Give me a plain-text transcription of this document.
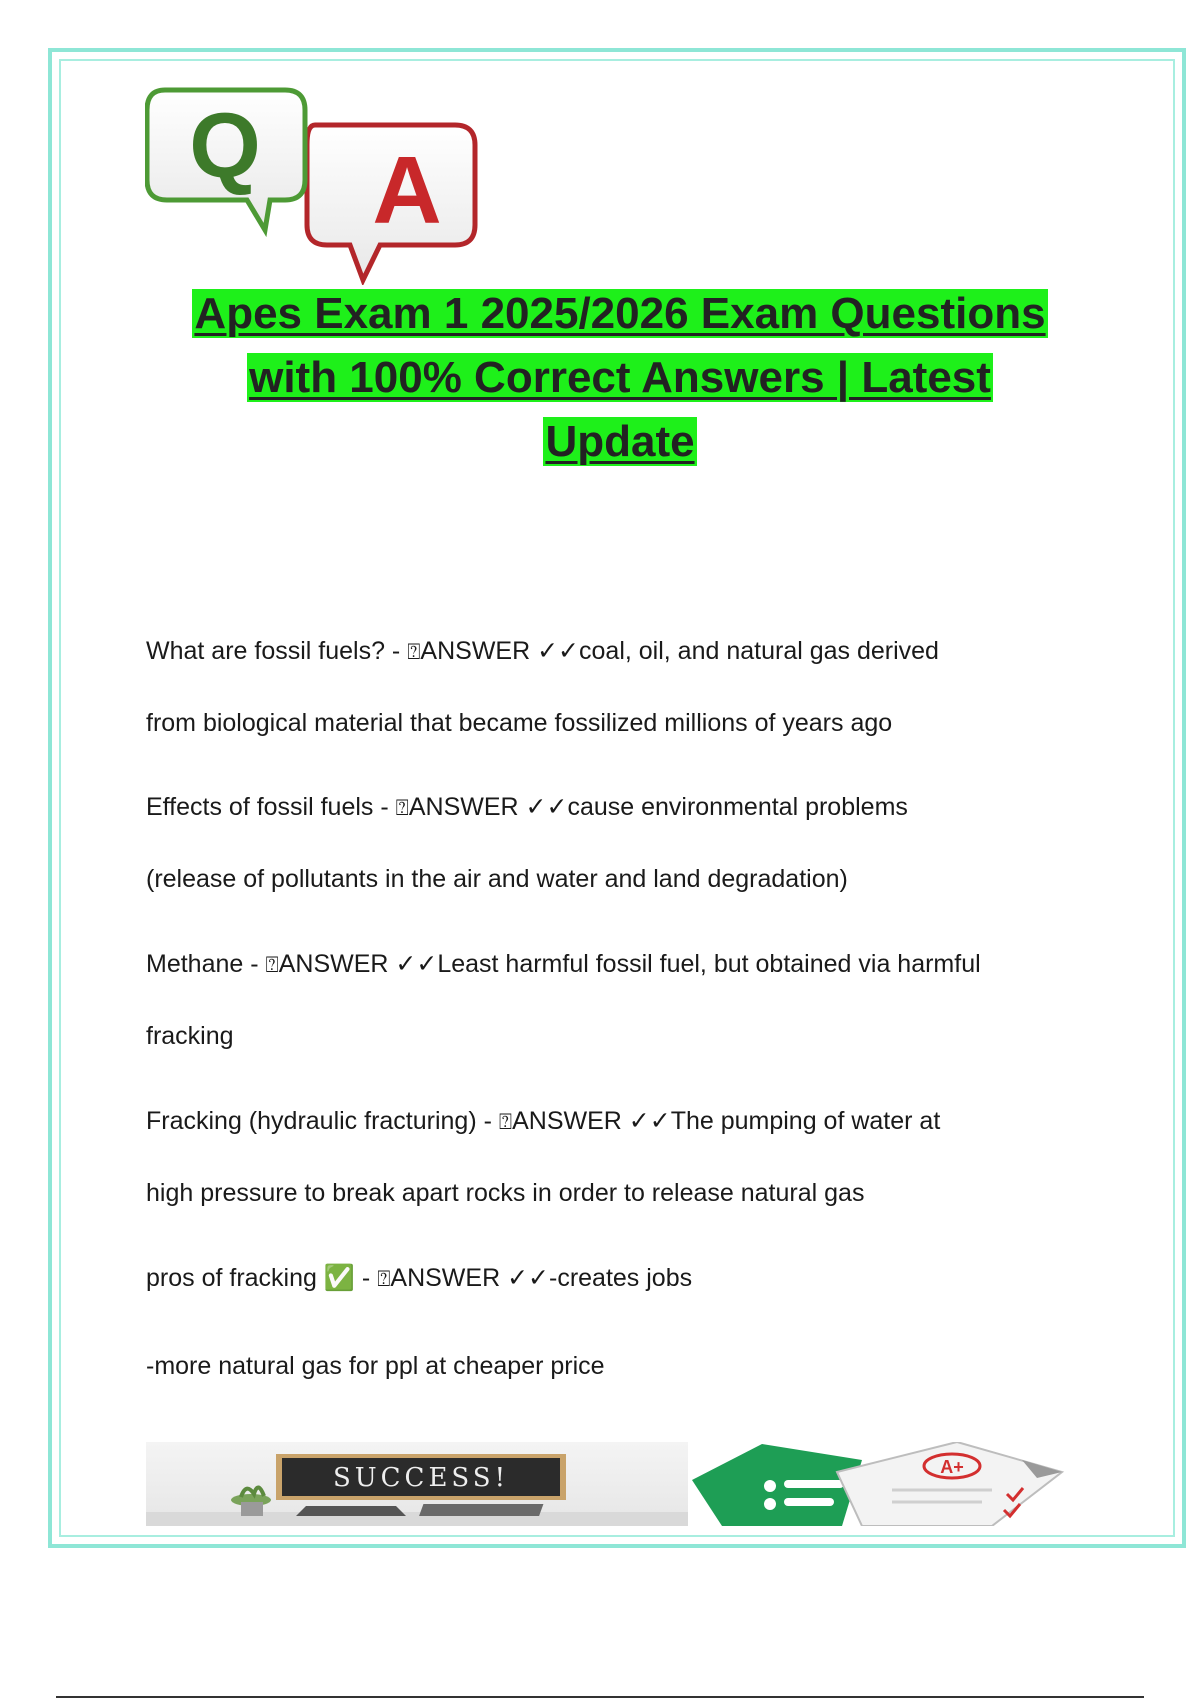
A
Q
Apes Exam 1 2025/2026 Exam Questions
with 100% Correct Answers | Latest
Update
What are fossil fuels? - ⍰ANSWER ✓✓coal, oil, and natural gas derived
from biological material that became fossilized millions of years ago
Effects of fossil fuels - ⍰ANSWER ✓✓cause environmental problems
(release of pollutants in the air and water and land degradation)
Methane - ⍰ANSWER ✓✓Least harmful fossil fuel, but obtained via harmful
fracking
Fracking (hydraulic fracturing) - ⍰ANSWER ✓✓The pumping of water at
high pressure to break apart rocks in order to release natural gas
pros of fracking ✅ - ⍰ANSWER ✓✓-creates jobs
-more natural gas for ppl at cheaper price
SUCCESS!	A+
